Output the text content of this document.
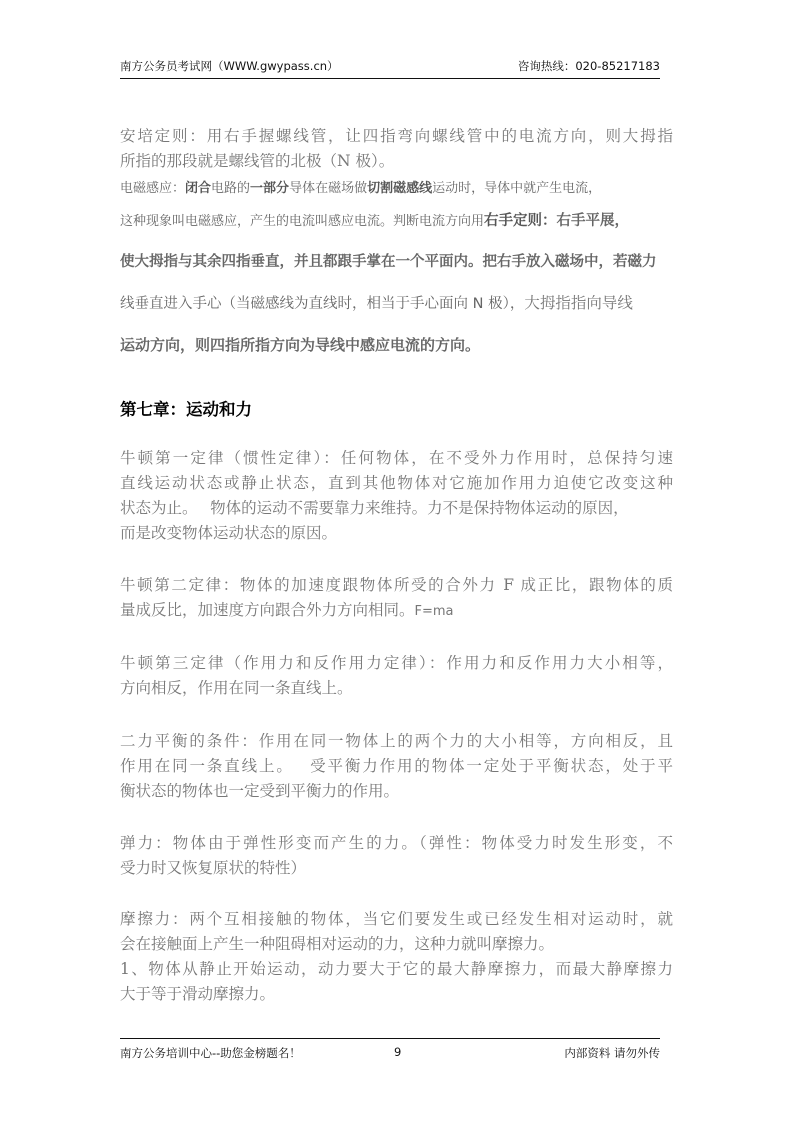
南方公务员考试网（WWW.gwypass.cn）	咨询热线：020-85217183

安培定则：用右手握螺线管，让四指弯向螺线管中的电流方向，则大拇指

所指的那段就是螺线管的北极（N 极）。

电磁感应：闭合电路的一部分导体在磁场做切割磁感线运动时，导体中就产生电流，
这种现象叫电磁感应，产生的电流叫感应电流。判断电流方向用右手定则：右手平展，
使大拇指与其余四指垂直，并且都跟手掌在一个平面内。把右手放入磁场中，若磁力
线垂直进入手心（当磁感线为直线时，相当于手心面向 N 极），大拇指指向导线
运动方向，则四指所指方向为导线中感应电流的方向。
第七章：运动和力

牛顿第一定律（惯性定律）：任何物体，在不受外力作用时，总保持匀速

直线运动状态或静止状态，直到其他物体对它施加作用力迫使它改变这种

状态为止。　 物体的运动不需要靠力来维持。力不是保持物体运动的原因，

而是改变物体运动状态的原因。

牛顿第二定律：物体的加速度跟物体所受的合外力 F 成正比，跟物体的质

量成反比，加速度方向跟合外力方向相同。F=ma

牛顿第三定律（作用力和反作用力定律）：作用力和反作用力大小相等，

方向相反，作用在同一条直线上。

二力平衡的条件：作用在同一物体上的两个力的大小相等，方向相反，且

作用在同一条直线上。　 受平衡力作用的物体一定处于平衡状态，处于平

衡状态的物体也一定受到平衡力的作用。

弹力：物体由于弹性形变而产生的力。（弹性：物体受力时发生形变，不

受力时又恢复原状的特性）

摩擦力：两个互相接触的物体，当它们要发生或已经发生相对运动时，就

会在接触面上产生一种阻碍相对运动的力，这种力就叫摩擦力。

1、物体从静止开始运动，动力要大于它的最大静摩擦力，而最大静摩擦力

大于等于滑动摩擦力。

南方公务培训中心--助您金榜题名！	9	内部资料 请勿外传
